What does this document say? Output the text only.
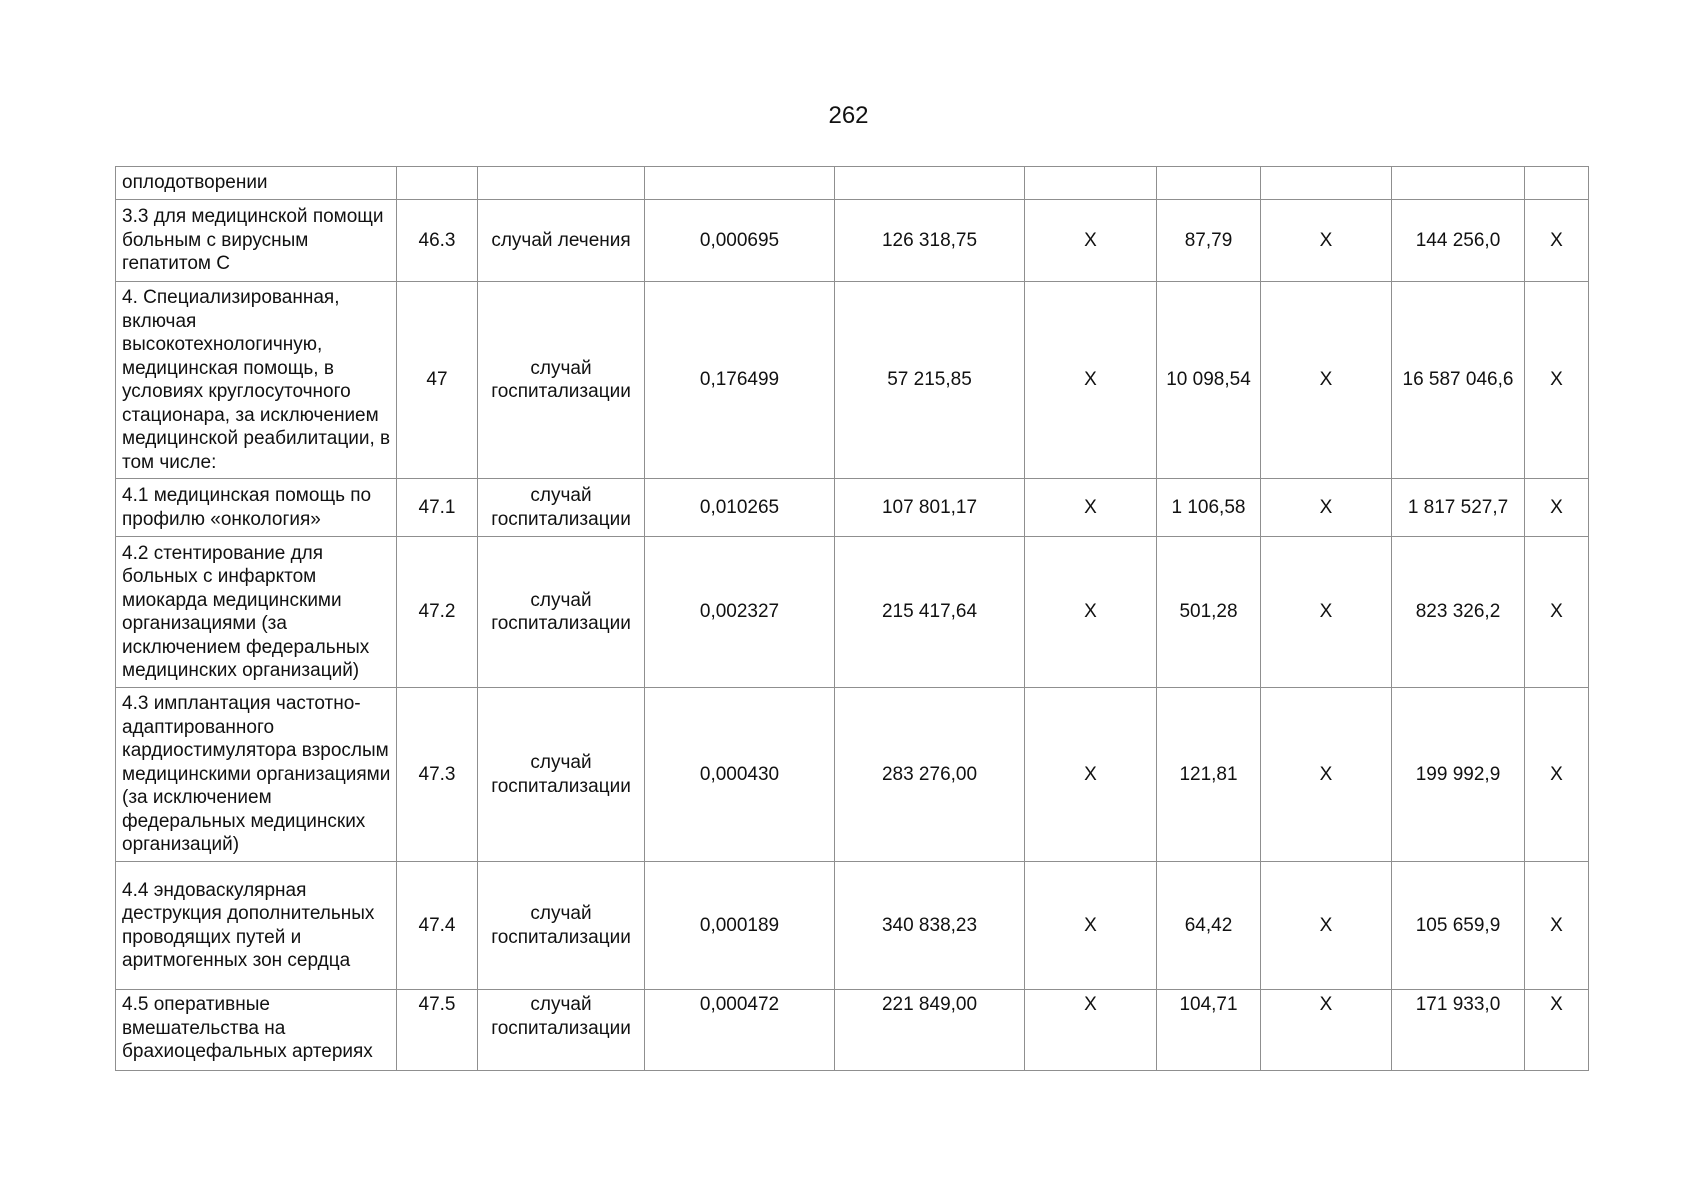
262
оплодотворении									
3.3 для медицинской помощи больным с вирусным гепатитом С	46.3	случай лечения	0,000695	126 318,75	X	87,79	X	144 256,0	X
4. Специализированная, включая высокотехнологичную, медицинская помощь, в условиях круглосуточного стационара, за исключением медицинской реабилитации, в том числе:	47	случай госпитализации	0,176499	57 215,85	X	10 098,54	X	16 587 046,6	X
4.1 медицинская помощь по профилю «онкология»	47.1	случай госпитализации	0,010265	107 801,17	X	1 106,58	X	1 817 527,7	X
4.2 стентирование для больных с инфарктом миокарда медицинскими организациями (за исключением федеральных медицинских организаций)	47.2	случай госпитализации	0,002327	215 417,64	X	501,28	X	823 326,2	X
4.3 имплантация частотно-адаптированного кардиостимулятора взрослым медицинскими организациями (за исключением федеральных медицинских организаций)	47.3	случай госпитализации	0,000430	283 276,00	X	121,81	X	199 992,9	X
4.4 эндоваскулярная деструкция дополнительных проводящих путей и аритмогенных зон сердца	47.4	случай госпитализации	0,000189	340 838,23	X	64,42	X	105 659,9	X
4.5 оперативные вмешательства на брахиоцефальных артериях	47.5	случай госпитализации	0,000472	221 849,00	X	104,71	X	171 933,0	X
